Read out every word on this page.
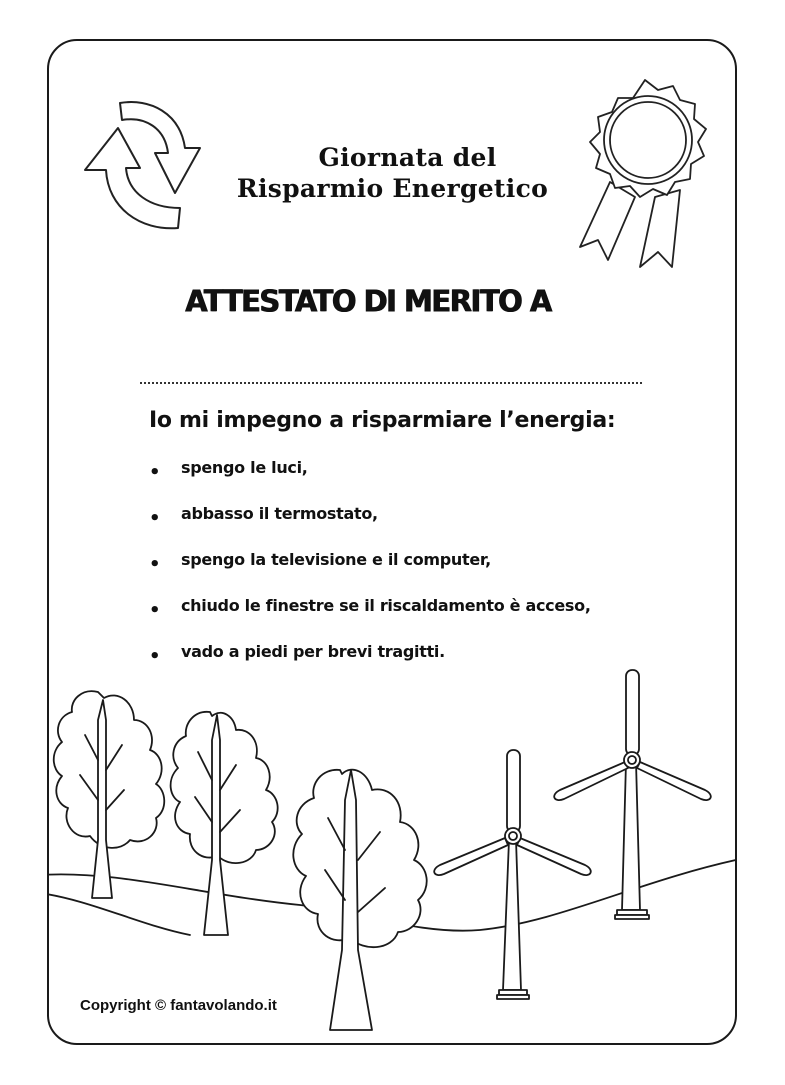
Giornata del
Risparmio Energetico
ATTESTATO DI MERITO A
Io mi impegno a risparmiare l’energia:
• spengo le luci,
• abbasso il termostato,
• spengo la televisione e il computer,
• chiudo le finestre se il riscaldamento è acceso,
• vado a piedi per brevi tragitti.
Copyright © fantavolando.it
